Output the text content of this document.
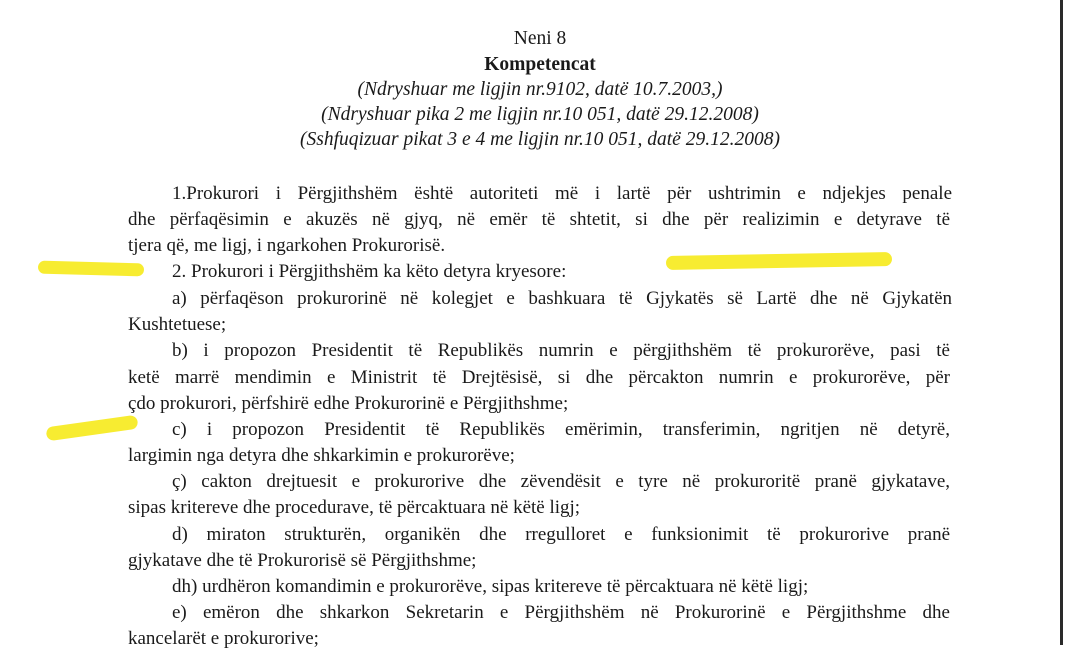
Neni 8
Kompetencat
(Ndryshuar me ligjin nr.9102, datë 10.7.2003,)
(Ndryshuar pika 2 me ligjin nr.10 051, datë 29.12.2008)
(Sshfuqizuar pikat 3 e 4 me ligjin nr.10 051, datë 29.12.2008)
1.Prokurori i Përgjithshëm është autoriteti më i lartë për ushtrimin e ndjekjes penale
dhe përfaqësimin e akuzës në gjyq, në emër të shtetit, si dhe për realizimin e detyrave të
tjera që, me ligj, i ngarkohen Prokurorisë.
2. Prokurori i Përgjithshëm ka këto detyra kryesore:
a) përfaqëson prokurorinë në kolegjet e bashkuara të Gjykatës së Lartë dhe në Gjykatën
Kushtetuese;
b) i propozon Presidentit të Republikës numrin e përgjithshëm të prokurorëve, pasi të
ketë marrë mendimin e Ministrit të Drejtësisë, si dhe përcakton numrin e prokurorëve, për
çdo prokurori, përfshirë edhe Prokurorinë e Përgjithshme;
c) i propozon Presidentit të Republikës emërimin, transferimin, ngritjen në detyrë,
largimin nga detyra dhe shkarkimin e prokurorëve;
ç) cakton drejtuesit e prokurorive dhe zëvendësit e tyre në prokuroritë pranë gjykatave,
sipas kritereve dhe procedurave, të përcaktuara në këtë ligj;
d) miraton strukturën, organikën dhe rregulloret e funksionimit të prokurorive pranë
gjykatave dhe të Prokurorisë së Përgjithshme;
dh) urdhëron komandimin e prokurorëve, sipas kritereve të përcaktuara në këtë ligj;
e) emëron dhe shkarkon Sekretarin e Përgjithshëm në Prokurorinë e Përgjithshme dhe
kancelarët e prokurorive;
